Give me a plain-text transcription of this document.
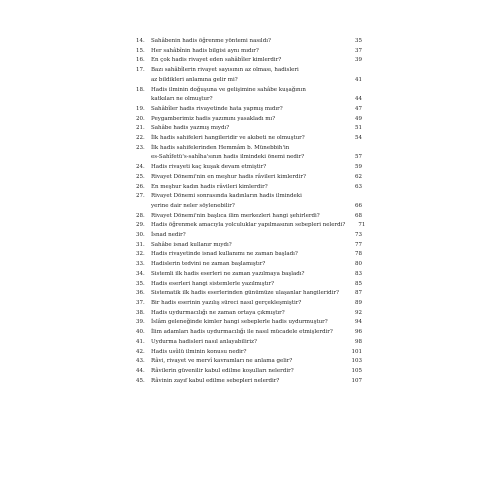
14.	Sahâbenin hadis öğrenme yöntemi nasıldı?	35
15.	Her sahâbînin hadis bilgisi aynı mıdır?	37
16.	En çok hadis rivayet eden sahâbîler kimlerdir?	39
17.	Bazı sahâbîlerin rivayet sayısının az olması, hadisleri
az bildikleri anlamına gelir mi?	41
18.	Hadis ilminin doğuşuna ve gelişimine sahâbe kuşağının
katkıları ne olmuştur?	44
19.	Sahâbîler hadis rivayetinde hata yapmış mıdır?	47
20.	Peygamberimiz hadis yazımını yasakladı mı?	49
21.	Sahâbe hadis yazmış mıydı?	51
22.	İlk hadis sahifeleri hangileridir ve akıbeti ne olmuştur?	54
23.	İlk hadis sahifelerinden Hemmâm b. Münebbih'in
es-Sahîfetü's-sahîha'sının hadis ilmindeki önemi nedir?	57
24.	Hadis rivayeti kaç kuşak devam etmiştir?	59
25.	Rivayet Dönemi'nin en meşhur hadis râvileri kimlerdir?	62
26.	En meşhur kadın hadis râvileri kimlerdir?	63
27.	Rivayet Dönemi sonrasında kadınların hadis ilmindeki
yerine dair neler söylenebilir?	66
28.	Rivayet Dönemi'nin başlıca ilim merkezleri hangi şehirlerdi?	68
29.	Hadis öğrenmek amacıyla yolculuklar yapılmasının sebepleri nelerdi?	71
30.	İsnad nedir?	73
31.	Sahâbe isnad kullanır mıydı?	77
32.	Hadis rivayetinde isnad kullanımı ne zaman başladı?	78
33.	Hadislerin tedvini ne zaman başlamıştır?	80
34.	Sistemli ilk hadis eserleri ne zaman yazılmaya başladı?	83
35.	Hadis eserleri hangi sistemlerle yazılmıştır?	85
36.	Sistematik ilk hadis eserlerinden günümüze ulaşanlar hangileridir?	87
37.	Bir hadis eserinin yazılış süreci nasıl gerçekleşmiştir?	89
38.	Hadis uydurmacılığı ne zaman ortaya çıkmıştır?	92
39.	İslâm geleneğinde kimler hangi sebeplerle hadis uydurmuştur?	94
40.	İlim adamları hadis uydurmacılığı ile nasıl mücadele etmişlerdir?	96
41.	Uydurma hadisleri nasıl anlayabiliriz?	98
42.	Hadis usûlü ilminin konusu nedir?	101
43.	Râvi, rivayet ve mervî kavramları ne anlama gelir?	103
44.	Râvilerin güvenilir kabul edilme koşulları nelerdir?	105
45.	Râvinin zayıf kabul edilme sebepleri nelerdir?	107
